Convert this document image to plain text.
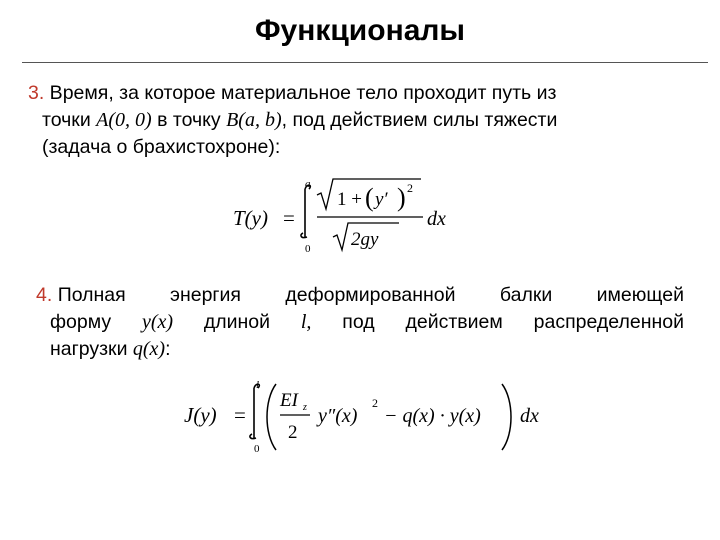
Функционалы
3. Время, за которое материальное тело проходит путь из
точки A(0, 0) в точку B(a, b), под действием силы тяжести
(задача о брахистохроне):
T(y) =
a
0
1 + ( y′ ) 2
2gy
dx
4. Полная энергия деформированной балки имеющей
форму y(x) длиной l, под действием распределенной
нагрузки q(x):
J(y) =
l
0
EI z
2
y″(x)
2
− q(x) · y(x) dx
